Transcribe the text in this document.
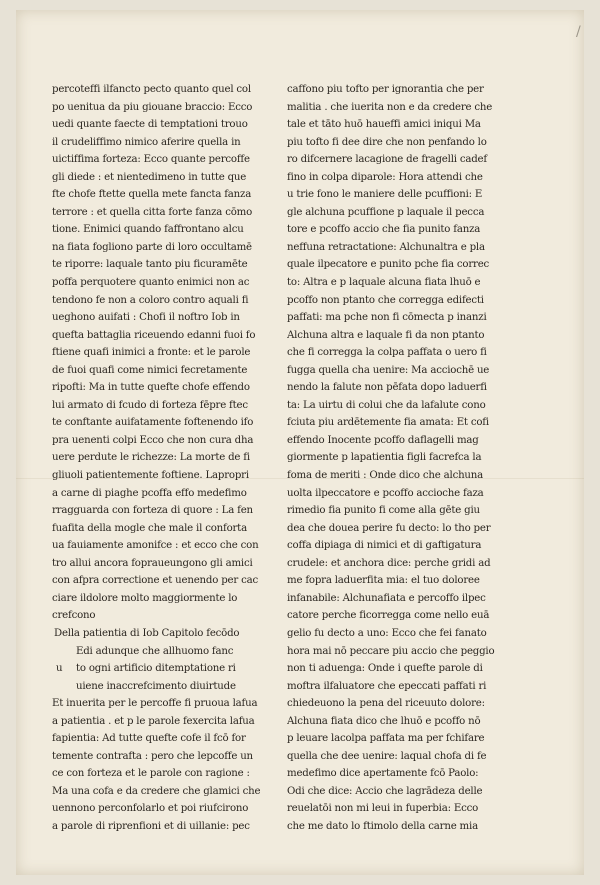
/
percoteffi ilfancto pecto quanto quel col
po uenitua da piu giouane braccio: Ecco
uedi quante faecte di temptationi trouo
il crudeliffimo nimico aferire quella in
uictiffima forteza: Ecco quante percoffe
gli diede : et nientedimeno in tutte que
fte chofe ftette quella mete fancta fanza
terrore : et quella citta forte fanza cōmo
tione. Enimici quando faffrontano alcu
na fiata fogliono parte di loro occultamē
te riporre: laquale tanto piu ficuramēte
poffa perquotere quanto enimici non ac
tendono fe non a coloro contro aquali fi
ueghono auifati : Chofi il noftro Iob in
quefta battaglia riceuendo edanni fuoi fo
ftiene quafi inimici a fronte: et le parole
de fuoi quafi come nimici fecretamente
ripofti: Ma in tutte quefte chofe effendo
lui armato di fcudo di forteza fēpre ftec
te conftante auifatamente foftenendo ifo
pra uenenti colpi Ecco che non cura dha
uere perdute le richezze: La morte de fi
gliuoli patientemente foftiene. Lapropri
a carne di piaghe pcoffa effo medefimo
rragguarda con forteza di quore : La fen
fuafita della mogle che male il conforta
ua fauiamente amonifce : et ecco che con
tro allui ancora fopraueungono gli amici
con afpra correctione et uenendo per cac
ciare ildolore molto maggiormente lo
crefcono
Della patientia di Iob Capitolo fecōdo
Edi adunque che allhuomo fanc
u to ogni artificio ditemptatione ri
uiene inaccrefcimento diuirtude
Et inuerita per le percoffe fi pruoua lafua
a patientia . et p le parole fexercita lafua
fapientia: Ad tutte quefte cofe il fcō for
temente contrafta : pero che lepcoffe un
ce con forteza et le parole con ragione :
Ma una cofa e da credere che glamici che
uennono perconfolarlo et poi riufcirono
a parole di riprenfioni et di uillanie: pec
caffono piu tofto per ignorantia che per
malitia . che iuerita non e da credere che
tale et tāto huō haueffi amici iniqui Ma
piu tofto fi dee dire che non penfando lo
ro difcernere lacagione de fragelli cadef
fino in colpa diparole: Hora attendi che
u trie fono le maniere delle pcuffioni: E
gle alchuna pcuffione p laquale il pecca
tore e pcoffo accio che fia punito fanza
neffuna retractatione: Alchunaltra e pla
quale ilpecatore e punito pche fia correc
to: Altra e p laquale alcuna fiata lhuō e
pcoffo non ptanto che corregga edifecti
paffati: ma pche non fi cōmecta p inanzi
Alchuna altra e laquale fi da non ptanto
che fi corregga la colpa paffata o uero fi
fugga quella cha uenire: Ma acciochē ue
nendo la falute non pēfata dopo laduerfi
ta: La uirtu di colui che da lafalute cono
fciuta piu ardētemente fia amata: Et cofi
effendo Inocente pcoffo daflagelli mag
giormente p lapatientia figli facrefca la
foma de meriti : Onde dico che alchuna
uolta ilpeccatore e pcoffo accioche faza
rimedio fia punito fi come alla gēte giu
dea che douea perire fu decto: lo tho per
coffa dipiaga di nimici et di gaftigatura
crudele: et anchora dice: perche gridi ad
me fopra laduerfita mia: el tuo doloree
infanabile: Alchunafiata e percoffo ilpec
catore perche ficorregga come nello euā
gelio fu decto a uno: Ecco che fei fanato
hora mai nō peccare piu accio che peggio
non ti aduenga: Onde i quefte parole di
moftra ilfaluatore che epeccati paffati ri
chiedeuono la pena del riceuuto dolore:
Alchuna fiata dico che lhuō e pcoffo nō
p leuare lacolpa paffata ma per fchifare
quella che dee uenire: laqual chofa di fe
medefimo dice apertamente fcō Paolo:
Odi che dice: Accio che lagrādeza delle
reuelatōi non mi leui in fuperbia: Ecco
che me dato lo ftimolo della carne mia
